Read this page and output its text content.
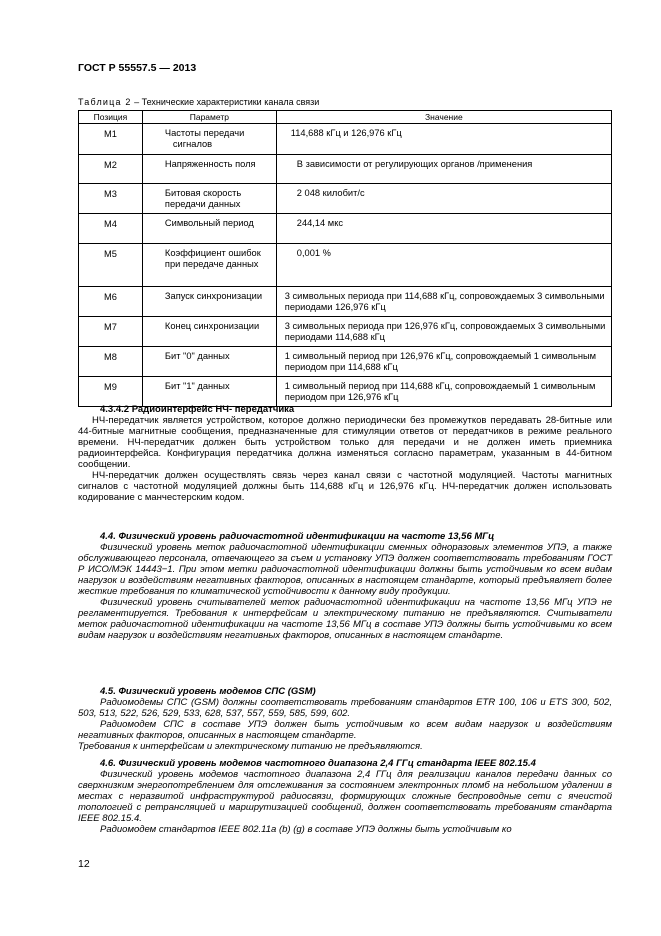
ГОСТ Р 55557.5 — 2013
Таблица 2 – Технические характеристики канала связи
Позиция	Параметр	Значение
M1	Частоты передачи сигналов	114,688 кГц и 126,976 кГц
M2	Напряженность поля	В зависимости от регулирующих органов /применения
M3	Битовая скорость передачи данных	2 048 килобит/с
M4	Символьный период	244,14 мкс
M5	Коэффициент ошибок при передаче данных	0,001 %
M6	Запуск синхронизации	3 символьных периода при 114,688 кГц, сопровождаемых 3 символьными периодами 126,976 кГц
M7	Конец синхронизации	3 символьных периода при 126,976 кГц, сопровождаемых 3 символьными периодами 114,688 кГц
M8	Бит "0" данных	1 символьный период при 126,976 кГц, сопровождаемый 1 символьным периодом при 114,688 кГц
M9	Бит "1" данных	1 символьный период при 114,688 кГц, сопровождаемый 1 символьным периодом при 126,976 кГц
4.3.4.2 Радиоинтерфейс НЧ- передатчика
НЧ-передатчик является устройством, которое должно периодически без промежутков передавать 28-битные или 44-битные магнитные сообщения, предназначенные для стимуляции ответов от передатчиков в режиме реального времени. НЧ-передатчик должен быть устройством только для передачи и не должен иметь приемника радиоинтерфейса. Конфигурация передатчика должна изменяться согласно параметрам, указанным в 44-битном сообщении.
НЧ-передатчик должен осуществлять связь через канал связи с частотной модуляцией. Частоты магнитных сигналов с частотной модуляцией должны быть 114,688 кГц и 126,976 кГц. НЧ-передатчик должен использовать кодирование с манчестерским кодом.
4.4. Физический уровень радиочастотной идентификации на частоте 13,56 МГц
Физический уровень меток радиочастотной идентификации сменных одноразовых элементов УПЭ, а также обслуживающего персонала, отвечающего за съем и установку УПЭ должен соответствовать требованиям ГОСТ Р ИСО/МЭК 14443−1. При этом метки радиочастотной идентификации должны быть устойчивым ко всем видам нагрузок и воздействиям негативных факторов, описанных в настоящем стандарте, который предъявляет более жесткие требования по климатической устойчивости к данному виду продукции.
Физический уровень считывателей меток радиочастотной идентификации на частоте 13,56 МГц УПЭ не регламентируется. Требования к интерфейсам и электрическому питанию не предъявляются. Считыватели меток радиочастотной идентификации на частоте 13,56 МГц в составе УПЭ должны быть устойчивыми ко всем видам нагрузок и воздействиям негативных факторов, описанных в настоящем стандарте.
4.5. Физический уровень модемов СПС (GSM)
Радиомодемы СПС (GSM) должны соответствовать требованиям стандартов ETR 100, 106 и ETS 300, 502, 503, 513, 522, 526, 529, 533, 628, 537, 557, 559, 585, 599, 602.
Радиомодем СПС в составе УПЭ должен быть устойчивым ко всем видам нагрузок и воздействиям негативных факторов, описанных в настоящем стандарте.
Требования к интерфейсам и электрическому питанию не предъявляются.
4.6. Физический уровень модемов частотного диапазона 2,4 ГГц стандарта IEEE 802.15.4
Физический уровень модемов частотного диапазона 2,4 ГГц для реализации каналов передачи данных со сверхнизким энергопотреблением для отслеживания за состоянием электронных пломб на небольшом удалении в местах с неразвитой инфраструктурой радиосвязи, формирующих сложные беспроводные сети с ячеистой топологией с ретрансляцией и маршрутизацией сообщений, должен соответствовать требованиям стандарта IEEE 802.15.4.
Радиомодем стандартов IEEE 802.11a (b) (g) в составе УПЭ должны быть устойчивым ко
12
